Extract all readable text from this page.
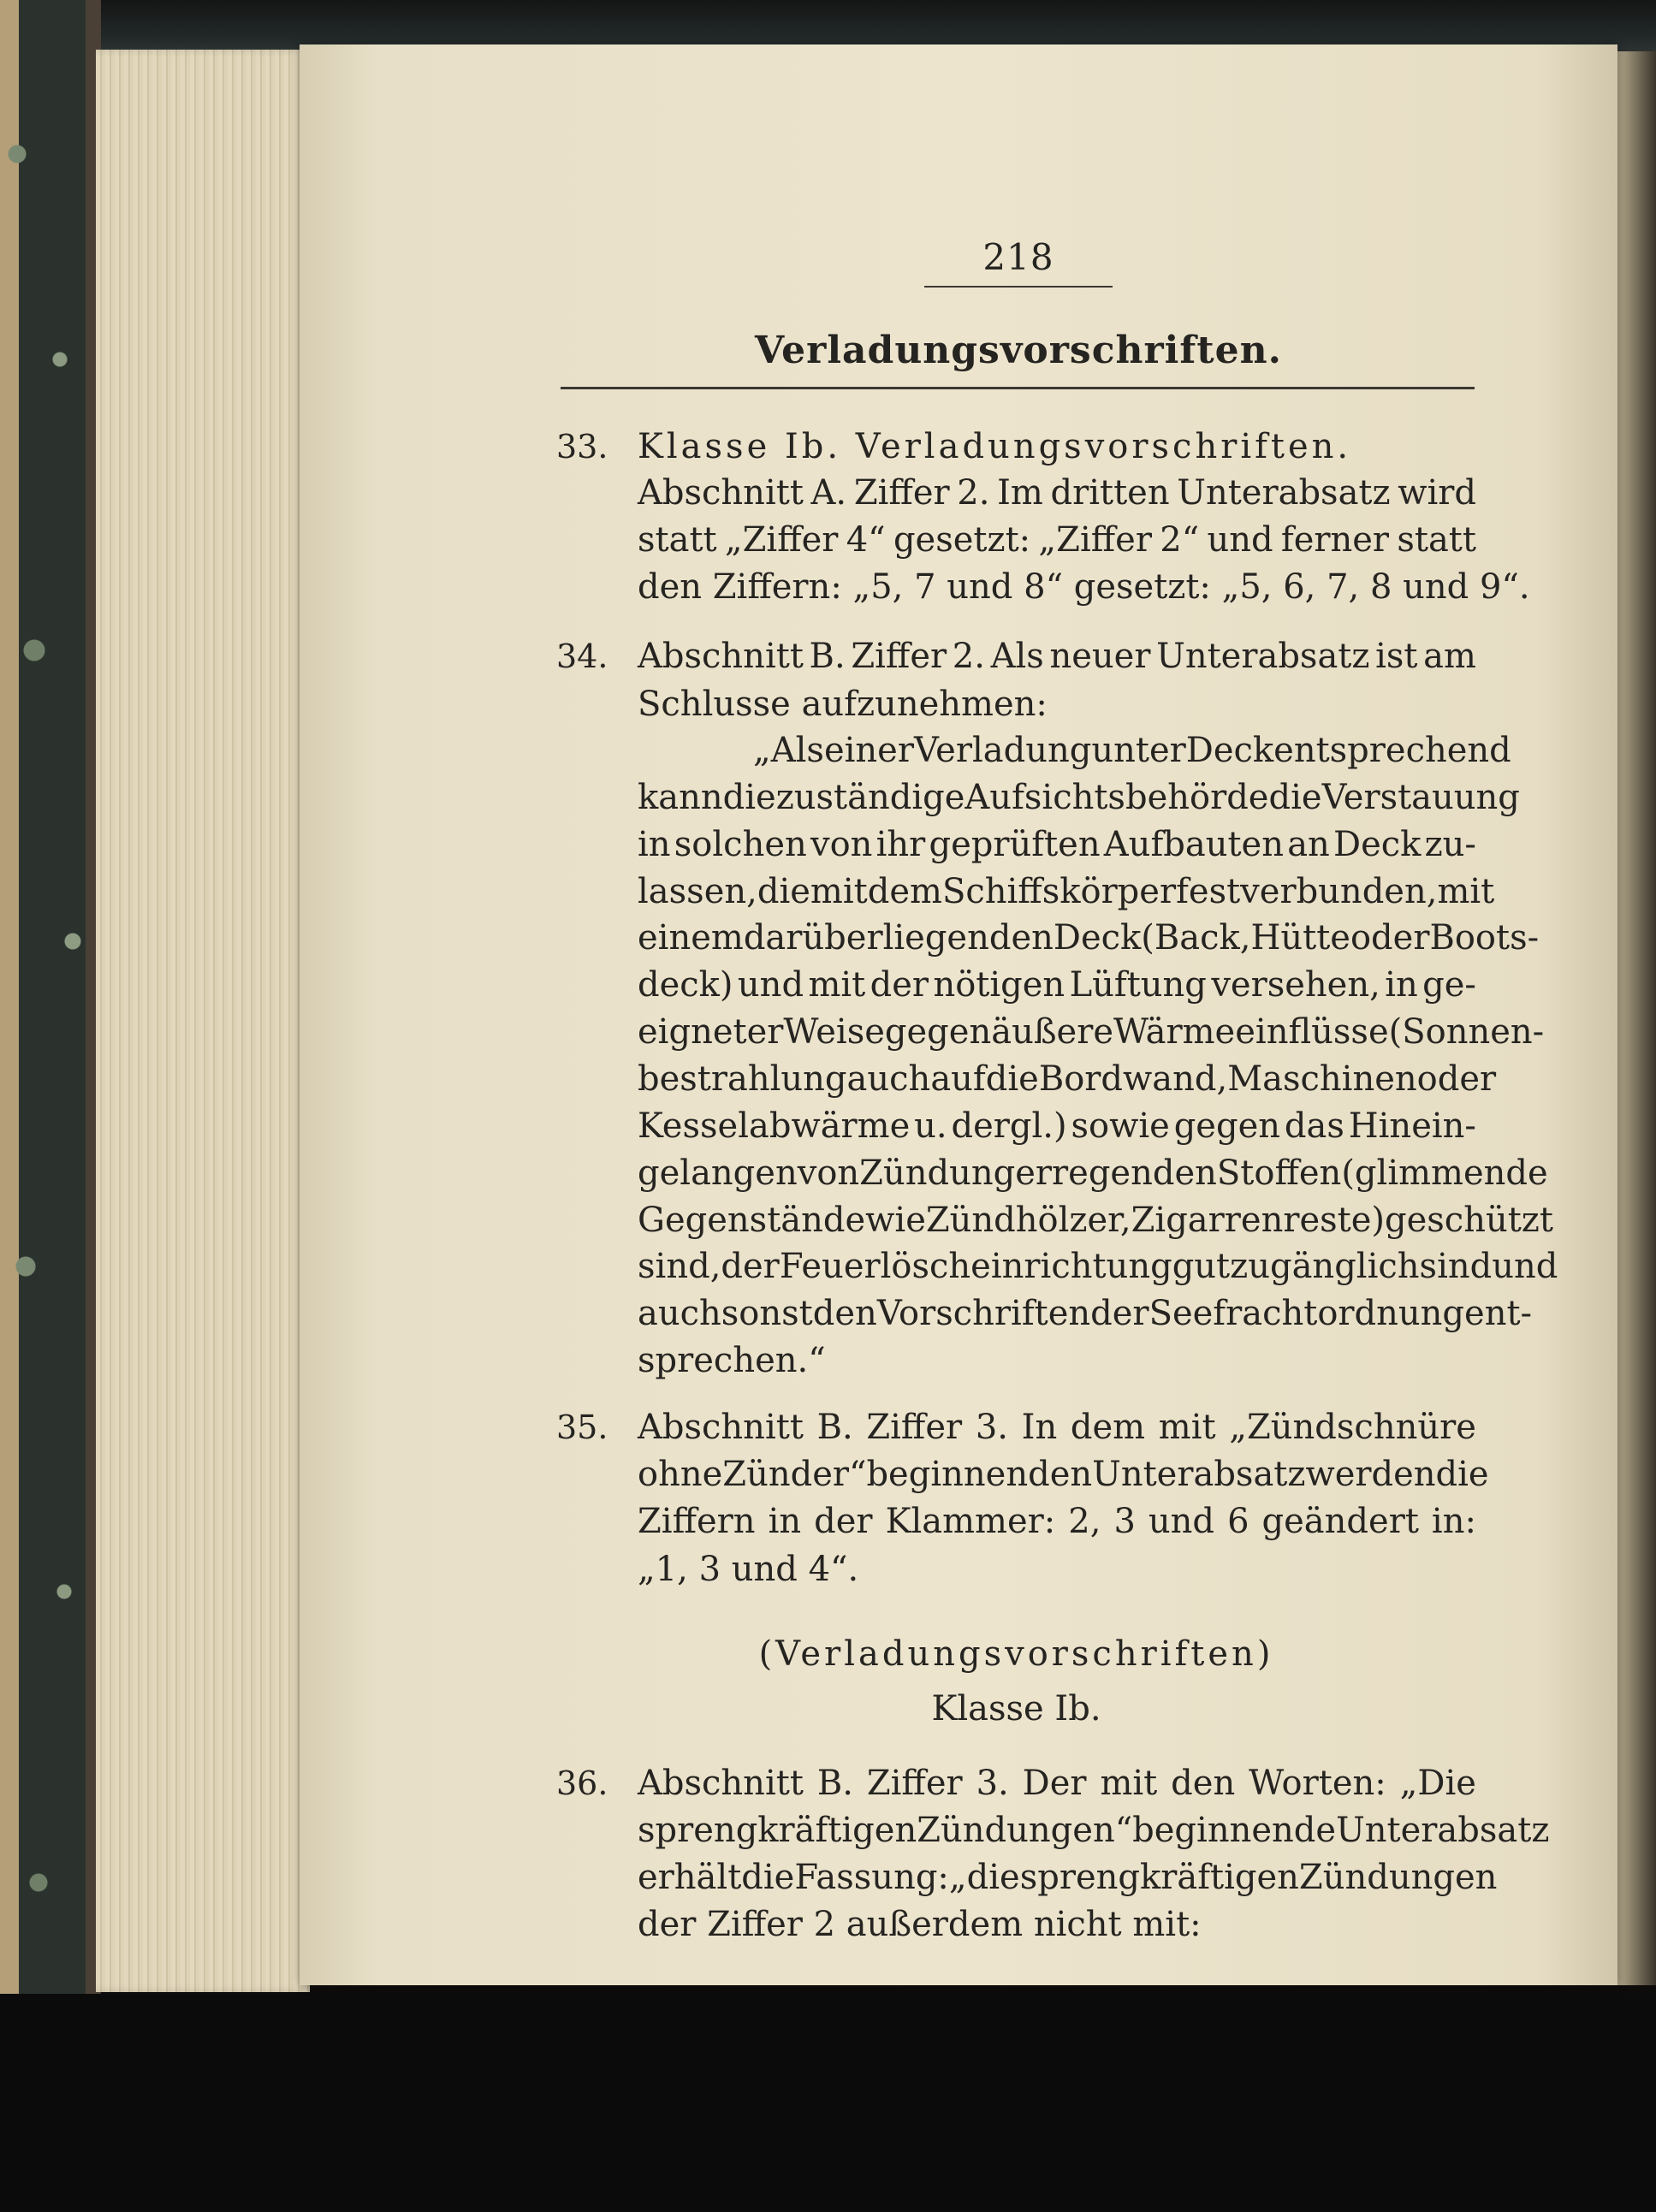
218
Verladungsvorschriften.
33. Klasse Ib. Verladungsvorschriften.
Abschnitt A. Ziffer 2. Im dritten Unterabsatz wird
statt „Ziffer 4“ gesetzt: „Ziffer 2“ und ferner statt
den Ziffern: „5, 7 und 8“ gesetzt: „5, 6, 7, 8 und 9“.
34. Abschnitt B. Ziffer 2. Als neuer Unterabsatz ist am
Schlusse aufzunehmen:
„Als einer Verladung unter Deck entsprechend
kann die zuständige Aufsichtsbehörde die Verstauung
in solchen von ihr geprüften Aufbauten an Deck zu-
lassen, die mit dem Schiffskörper fest verbunden, mit
einem darüber liegenden Deck (Back, Hütte oder Boots-
deck) und mit der nötigen Lüftung versehen, in ge-
eigneter Weise gegen äußere Wärmeeinflüsse (Sonnen-
bestrahlung auch auf die Bordwand, Maschinen oder
Kesselabwärme u. dergl.) sowie gegen das Hinein-
gelangen von Zündung erregenden Stoffen (glimmende
Gegenstände wie Zündhölzer, Zigarrenreste) geschützt
sind, der Feuerlöscheinrichtung gut zugänglich sind und
auch sonst den Vorschriften der Seefrachtordnung ent-
sprechen.“
35. Abschnitt B. Ziffer 3. In dem mit „Zündschnüre
ohne Zünder“ beginnenden Unterabsatz werden die
Ziffern in der Klammer: 2, 3 und 6 geändert in:
„1, 3 und 4“.
(Verladungsvorschriften)
Klasse Ib.
36. Abschnitt B. Ziffer 3. Der mit den Worten: „Die
sprengkräftigen Zündungen“ beginnende Unterabsatz
erhält die Fassung: „die sprengkräftigen Zündungen
der Ziffer 2 außerdem nicht mit:
